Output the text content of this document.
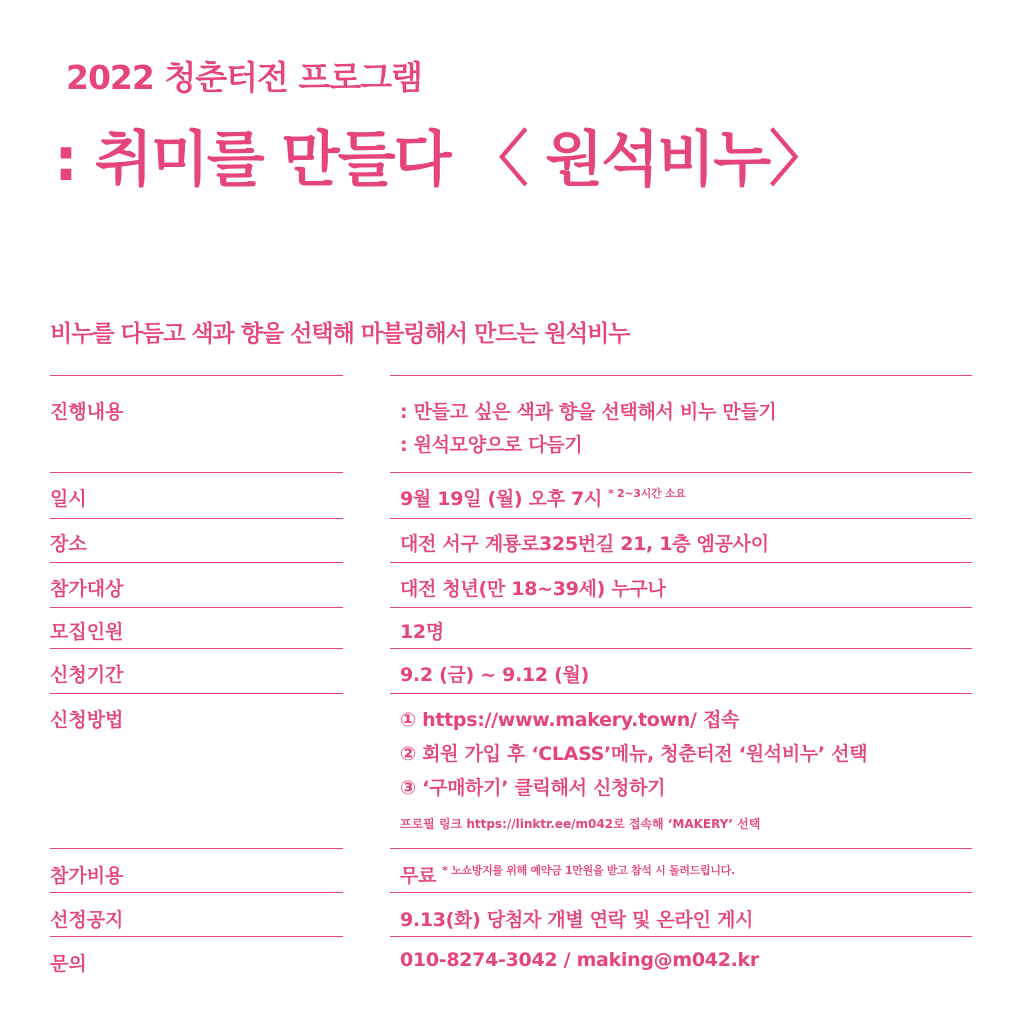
2022 청춘터전 프로그램
: 취미를 만들다 〈 원석비누〉
비누를 다듬고 색과 향을 선택해 마블링해서 만드는 원석비누
진행내용	: 만들고 싶은 색과 향을 선택해서 비누 만들기
: 원석모양으로 다듬기
일시	9월 19일 (월) 오후 7시 $^{* 2\sim 3시간 소요}$
장소	대전 서구 계룡로325번길 21, 1층 엠공사이
참가대상	대전 청년(만 18~39세) 누구나
모집인원	12명
신청기간	9.2 (금) ~ 9.12 (월)
신청방법	① https://www.makery.town/ 접속
② 회원 가입 후 ‘CLASS’메뉴, 청춘터전 ‘원석비누’ 선택
③ ‘구매하기’ 클릭해서 신청하기
프로필 링크 https://linktr.ee/m042로 접속해 ‘MAKERY’ 선택
참가비용	무료 $^{* 노쇼방지를 위해 예약금 1만원을 받고 참석 시 돌려드립니다.}$
선정공지	9.13(화) 당첨자 개별 연락 및 온라인 게시
문의	010-8274-3042 / making@m042.kr
